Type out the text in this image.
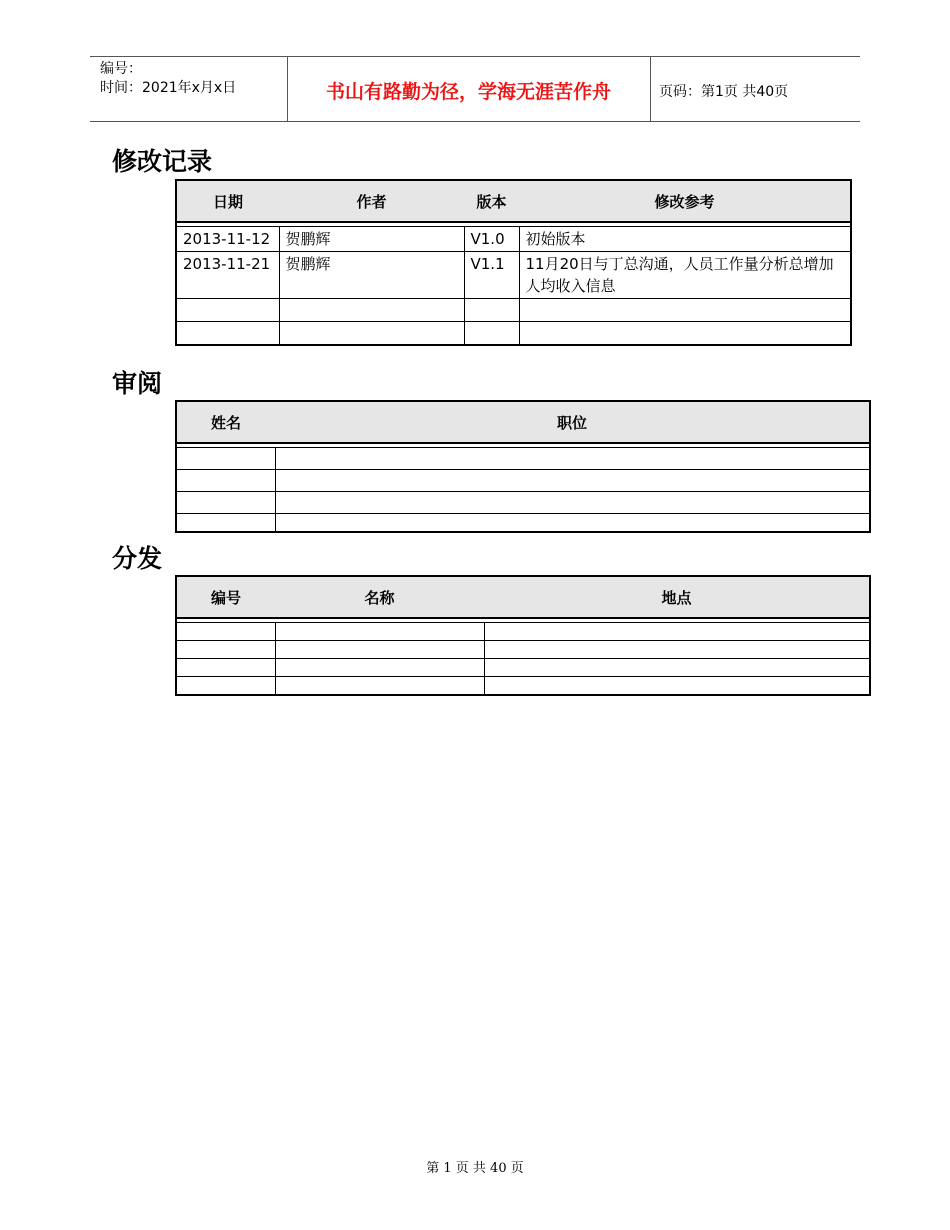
编号：
时间：2021年x月x日	书山有路勤为径，学海无涯苦作舟	页码：第1页 共40页
修改记录
日期	作者	版本	修改参考

2013-11-12	贺鹏辉	V1.0	初始版本
2013-11-21	贺鹏辉	V1.1	11月20日与丁总沟通，人员工作量分析总增加人均收入信息

审阅
姓名	职位

分发
编号	名称	地点

第 1 页 共 40 页
